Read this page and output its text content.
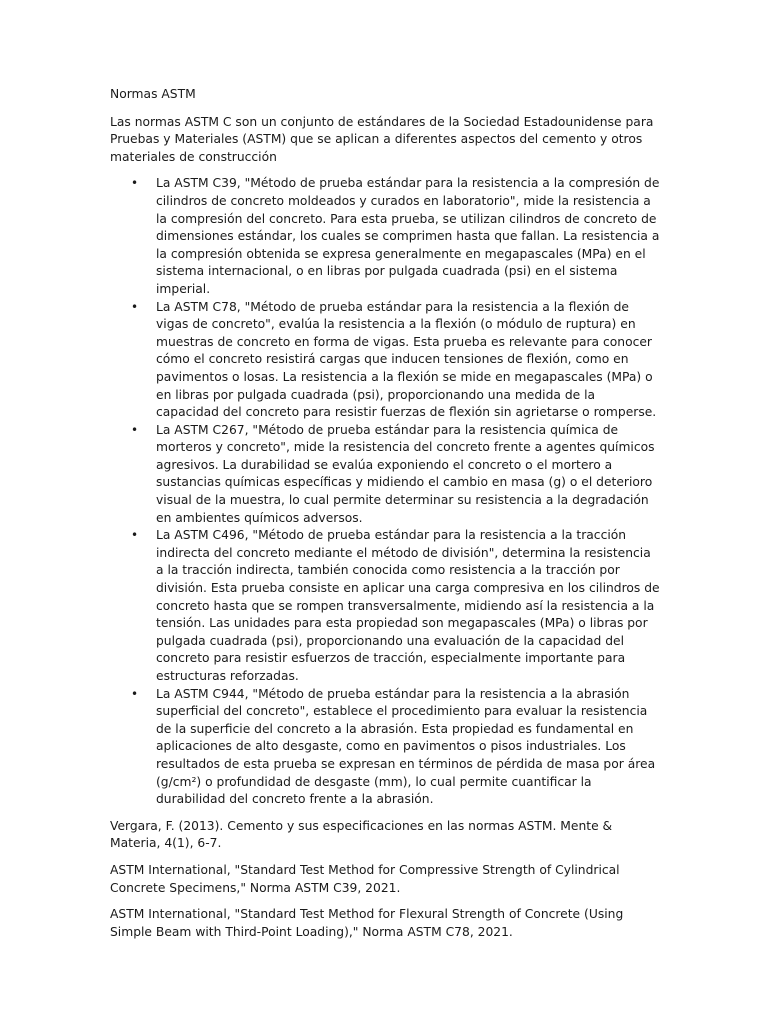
Normas ASTM

Las normas ASTM C son un conjunto de estándares de la Sociedad Estadounidense para Pruebas y Materiales (ASTM) que se aplican a diferentes aspectos del cemento y otros materiales de construcción

• La ASTM C39, "Método de prueba estándar para la resistencia a la compresión de cilindros de concreto moldeados y curados en laboratorio", mide la resistencia a la compresión del concreto. Para esta prueba, se utilizan cilindros de concreto de dimensiones estándar, los cuales se comprimen hasta que fallan. La resistencia a la compresión obtenida se expresa generalmente en megapascales (MPa) en el sistema internacional, o en libras por pulgada cuadrada (psi) en el sistema imperial.
• La ASTM C78, "Método de prueba estándar para la resistencia a la flexión de vigas de concreto", evalúa la resistencia a la flexión (o módulo de ruptura) en muestras de concreto en forma de vigas. Esta prueba es relevante para conocer cómo el concreto resistirá cargas que inducen tensiones de flexión, como en pavimentos o losas. La resistencia a la flexión se mide en megapascales (MPa) o en libras por pulgada cuadrada (psi), proporcionando una medida de la capacidad del concreto para resistir fuerzas de flexión sin agrietarse o romperse.
• La ASTM C267, "Método de prueba estándar para la resistencia química de morteros y concreto", mide la resistencia del concreto frente a agentes químicos agresivos. La durabilidad se evalúa exponiendo el concreto o el mortero a sustancias químicas específicas y midiendo el cambio en masa (g) o el deterioro visual de la muestra, lo cual permite determinar su resistencia a la degradación en ambientes químicos adversos.
• La ASTM C496, "Método de prueba estándar para la resistencia a la tracción indirecta del concreto mediante el método de división", determina la resistencia a la tracción indirecta, también conocida como resistencia a la tracción por división. Esta prueba consiste en aplicar una carga compresiva en los cilindros de concreto hasta que se rompen transversalmente, midiendo así la resistencia a la tensión. Las unidades para esta propiedad son megapascales (MPa) o libras por pulgada cuadrada (psi), proporcionando una evaluación de la capacidad del concreto para resistir esfuerzos de tracción, especialmente importante para estructuras reforzadas.
• La ASTM C944, "Método de prueba estándar para la resistencia a la abrasión superficial del concreto", establece el procedimiento para evaluar la resistencia de la superficie del concreto a la abrasión. Esta propiedad es fundamental en aplicaciones de alto desgaste, como en pavimentos o pisos industriales. Los resultados de esta prueba se expresan en términos de pérdida de masa por área (g/cm²) o profundidad de desgaste (mm), lo cual permite cuantificar la durabilidad del concreto frente a la abrasión.

Vergara, F. (2013). Cemento y sus especificaciones en las normas ASTM. Mente & Materia, 4(1), 6-7.

ASTM International, "Standard Test Method for Compressive Strength of Cylindrical Concrete Specimens," Norma ASTM C39, 2021.

ASTM International, "Standard Test Method for Flexural Strength of Concrete (Using Simple Beam with Third-Point Loading)," Norma ASTM C78, 2021.
